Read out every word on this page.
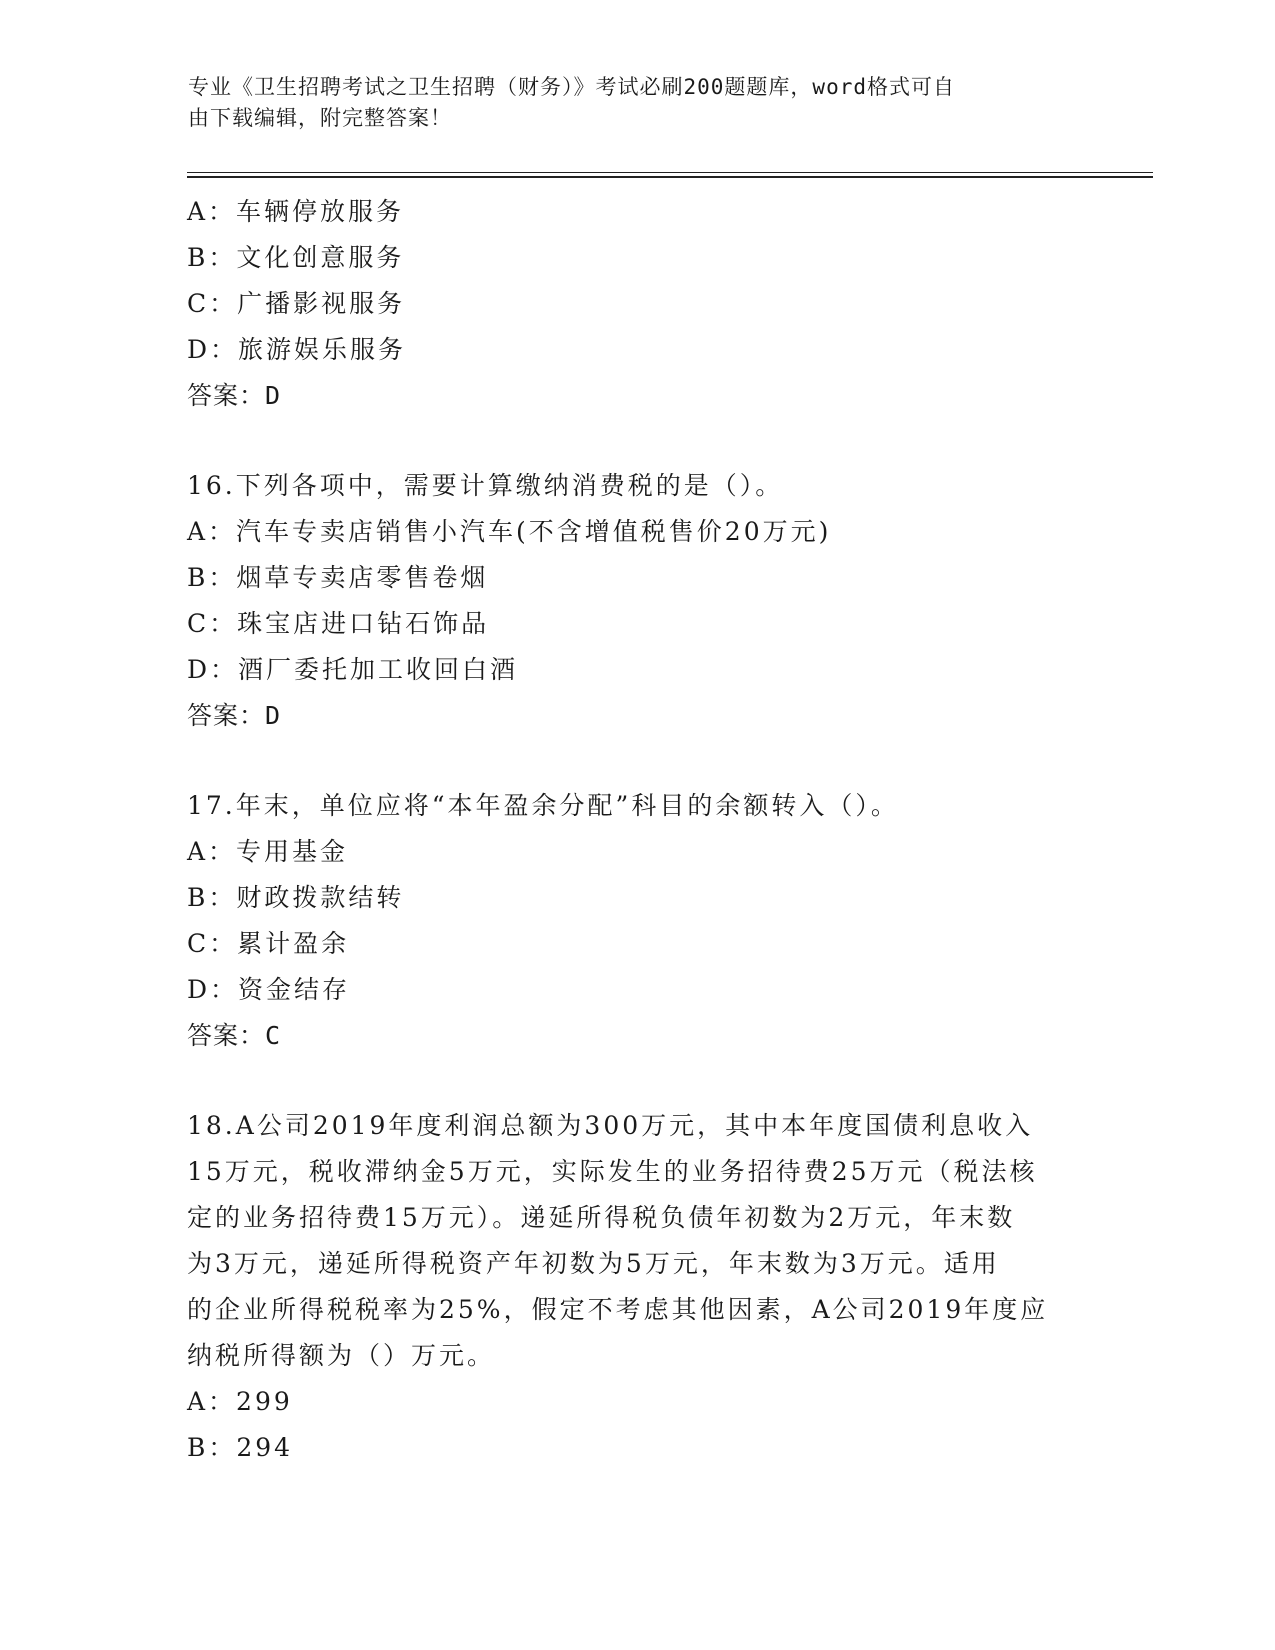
专业《卫生招聘考试之卫生招聘（财务）》考试必刷200题题库，word格式可自
由下载编辑，附完整答案！
A：车辆停放服务
B：文化创意服务
C：广播影视服务
D：旅游娱乐服务
答案：D
16.下列各项中，需要计算缴纳消费税的是（）。
A：汽车专卖店销售小汽车(不含增值税售价20万元)
B：烟草专卖店零售卷烟
C：珠宝店进口钻石饰品
D：酒厂委托加工收回白酒
答案：D
17.年末，单位应将“本年盈余分配”科目的余额转入（）。
A：专用基金
B：财政拨款结转
C：累计盈余
D：资金结存
答案：C
18.A公司2019年度利润总额为300万元，其中本年度国债利息收入
15万元，税收滞纳金5万元，实际发生的业务招待费25万元（税法核
定的业务招待费15万元）。递延所得税负债年初数为2万元，年末数
为3万元，递延所得税资产年初数为5万元，年末数为3万元。适用
的企业所得税税率为25%，假定不考虑其他因素，A公司2019年度应
纳税所得额为（）万元。
A：299
B：294
